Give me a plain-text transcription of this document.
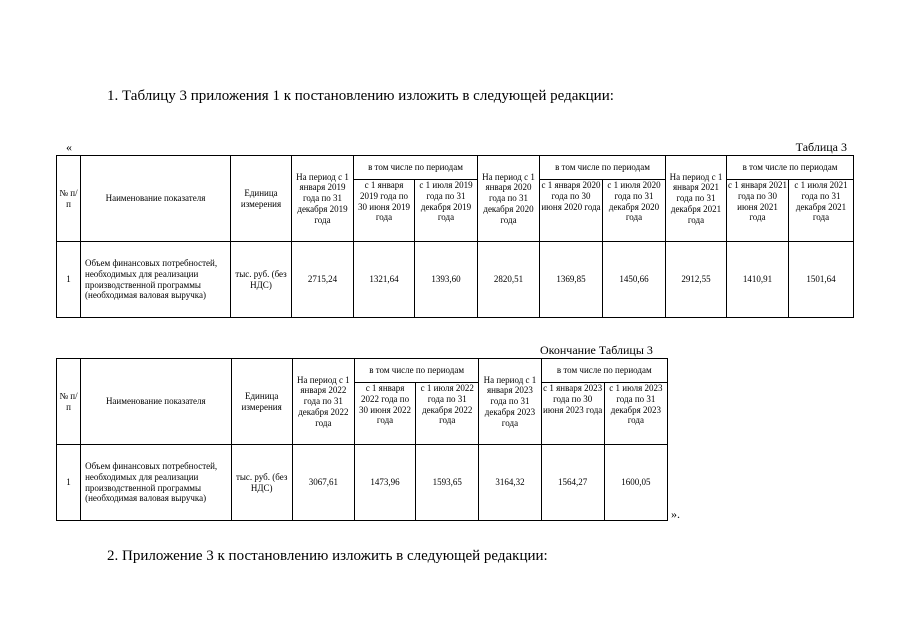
1. Таблицу 3 приложения 1 к постановлению изложить в следующей редакции:
«	Таблица 3
№ п/п	Наименование показателя	Единица измерения	На период с 1 января 2019 года по 31 декабря 2019 года	в том числе по периодам		На период с 1 января 2020 года по 31 декабря 2020 года	в том числе по периодам		На период с 1 января 2021 года по 31 декабря 2021 года	в том числе по периодам	
				с 1 января 2019 года по 30 июня 2019 года	с 1 июля 2019 года по 31 декабря 2019 года		с 1 января 2020 года по 30 июня 2020 года	с 1 июля 2020 года по 31 декабря 2020 года		с 1 января 2021 года по 30 июня 2021 года	с 1 июля 2021 года по 31 декабря 2021 года
1	Объем финансовых потребностей, необходимых для реализации производственной программы (необходимая валовая выручка)	тыс. руб. (без НДС)	2715,24	1321,64	1393,60	2820,51	1369,85	1450,66	2912,55	1410,91	1501,64
Окончание Таблицы 3
№ п/п	Наименование показателя	Единица измерения	На период с 1 января 2022 года по 31 декабря 2022 года	в том числе по периодам		На период с 1 января 2023 года по 31 декабря 2023 года	в том числе по периодам	
				с 1 января 2022 года по 30 июня 2022 года	с 1 июля 2022 года по 31 декабря 2022 года		с 1 января 2023 года по 30 июня 2023 года	с 1 июля 2023 года по 31 декабря 2023 года
1	Объем финансовых потребностей, необходимых для реализации производственной программы (необходимая валовая выручка)	тыс. руб. (без НДС)	3067,61	1473,96	1593,65	3164,32	1564,27	1600,05
».
2. Приложение 3 к постановлению изложить в следующей редакции:
